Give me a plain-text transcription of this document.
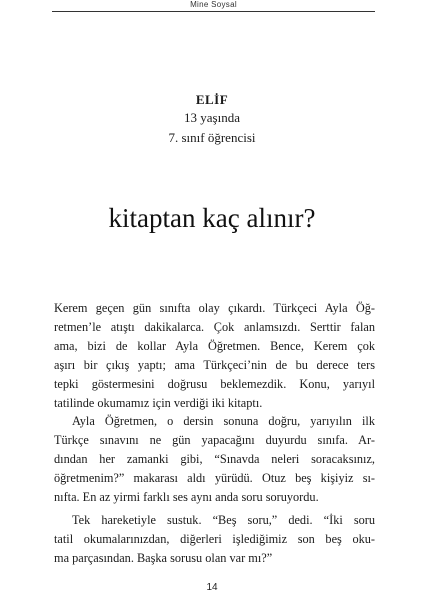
Mine Soysal
ELİF
13 yaşında
7. sınıf öğrencisi
kitaptan kaç alınır?
Kerem geçen gün sınıfta olay çıkardı. Türkçeci Ayla Öğ-
retmen’le atıştı dakikalarca. Çok anlamsızdı. Serttir falan
ama, bizi de kollar Ayla Öğretmen. Bence, Kerem çok
aşırı bir çıkış yaptı; ama Türkçeci’nin de bu derece ters
tepki göstermesini doğrusu beklemezdik. Konu, yarıyıl
tatilinde okumamız için verdiği iki kitaptı.
Ayla Öğretmen, o dersin sonuna doğru, yarıyılın ilk
Türkçe sınavını ne gün yapacağını duyurdu sınıfa. Ar-
dından her zamanki gibi, “Sınavda neleri soracaksınız,
öğretmenim?” makarası aldı yürüdü. Otuz beş kişiyiz sı-
nıfta. En az yirmi farklı ses aynı anda soru soruyordu.
Tek hareketiyle sustuk. “Beş soru,” dedi. “İki soru
tatil okumalarınızdan, diğerleri işlediğimiz son beş oku-
ma parçasından. Başka sorusu olan var mı?”
14
